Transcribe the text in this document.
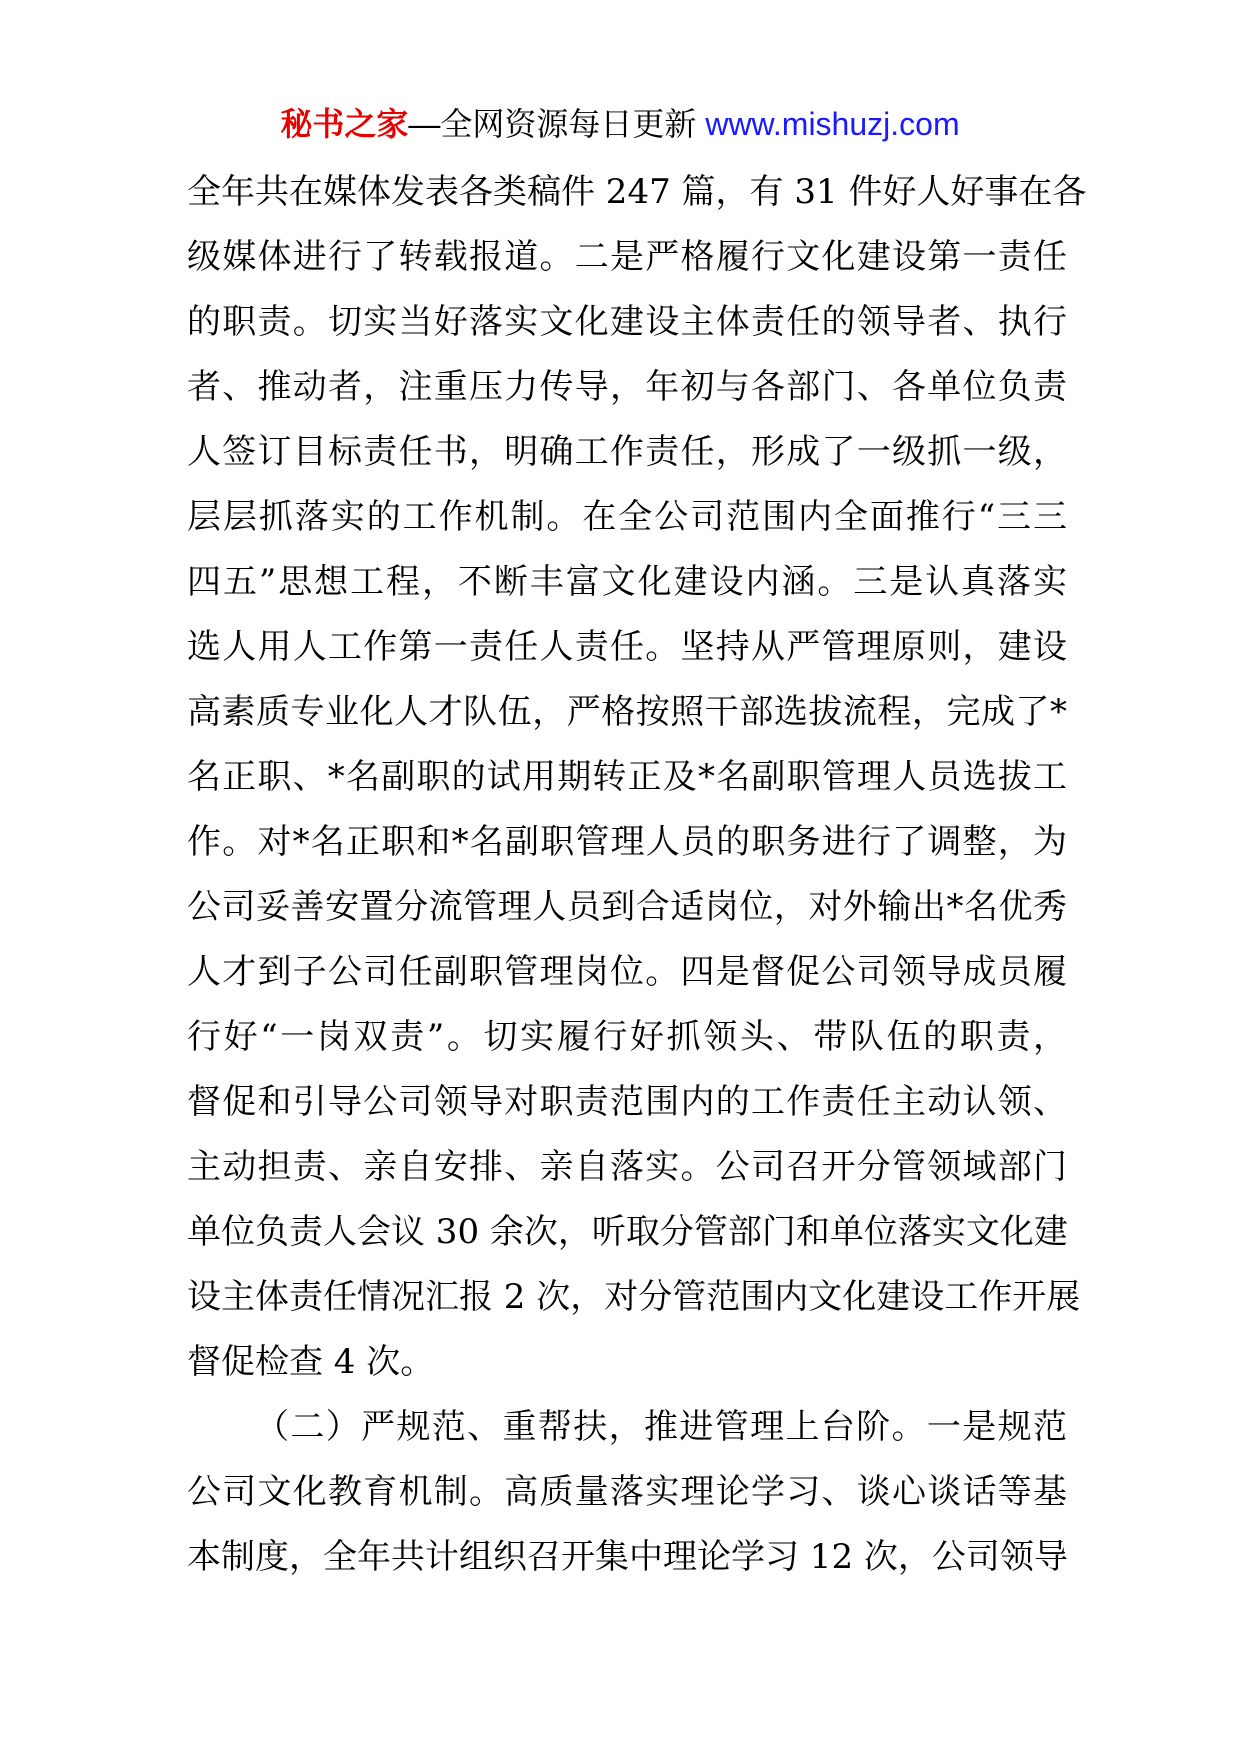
秘书之家—全网资源每日更新 www.mishuzj.com
全年共在媒体发表各类稿件 247 篇，有 31 件好人好事在各
级媒体进行了转载报道。二是严格履行文化建设第一责任
的职责。切实当好落实文化建设主体责任的领导者、执行
者、推动者，注重压力传导，年初与各部门、各单位负责
人签订目标责任书，明确工作责任，形成了一级抓一级，
层层抓落实的工作机制。在全公司范围内全面推行“三三
四五”思想工程，不断丰富文化建设内涵。三是认真落实
选人用人工作第一责任人责任。坚持从严管理原则，建设
高素质专业化人才队伍，严格按照干部选拔流程，完成了*
名正职、*名副职的试用期转正及*名副职管理人员选拔工
作。对*名正职和*名副职管理人员的职务进行了调整，为
公司妥善安置分流管理人员到合适岗位，对外输出*名优秀
人才到子公司任副职管理岗位。四是督促公司领导成员履
行好“一岗双责”。切实履行好抓领头、带队伍的职责，
督促和引导公司领导对职责范围内的工作责任主动认领、
主动担责、亲自安排、亲自落实。公司召开分管领域部门
单位负责人会议 30 余次，听取分管部门和单位落实文化建
设主体责任情况汇报 2 次，对分管范围内文化建设工作开展
督促检查 4 次。
（二）严规范、重帮扶，推进管理上台阶。一是规范
公司文化教育机制。高质量落实理论学习、谈心谈话等基
本制度，全年共计组织召开集中理论学习 12 次，公司领导
